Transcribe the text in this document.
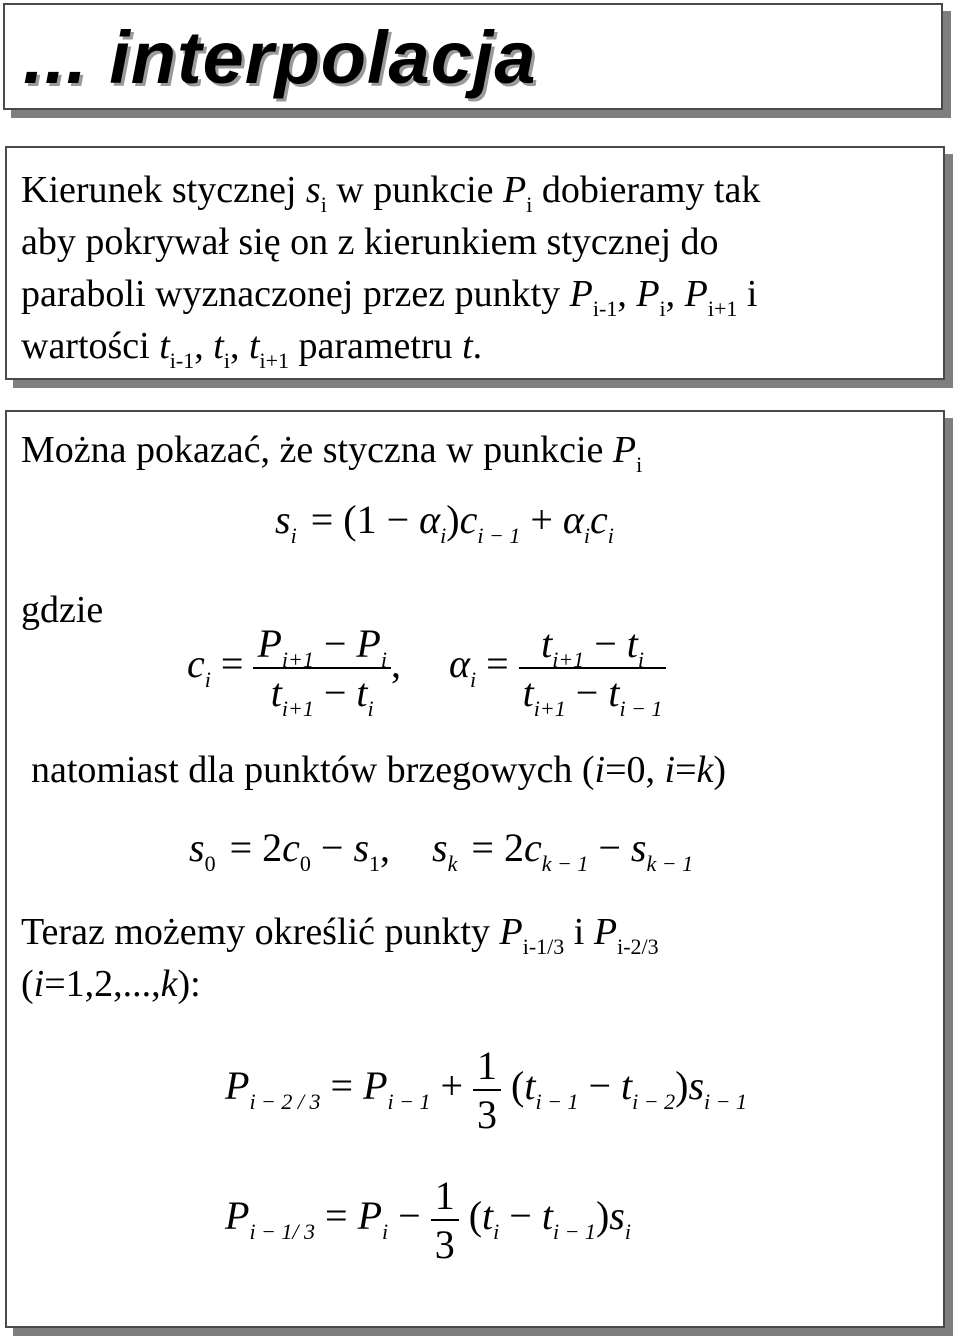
... interpolacja
Kierunek stycznej $s_i$ w punkcie $P_i$ dobieramy tak
aby pokrywał się on z kierunkiem stycznej do
paraboli wyznaczonej przez punkty $P_{i-1}$, $P_i$, $P_{i+1}$ i
wartości $t_{i-1}$, $t_i$, $t_{i+1}$ parametru t.
Można pokazać, że styczna w punkcie $P_i$
$s_i = (1 - \alpha_i)c_{i - 1} + \alpha_ic_i$
gdzie
$c_i = \frac{P_{i+1} - P_i}{t_{i+1} - t_i}$ , $\alpha_i = \frac{t_{i+1} - t_i}{t_{i+1} - t_{i - 1}}$
natomiast dla punktów brzegowych (i=0, i=k)
$s_0 = 2c_0 - s_1$, $s_k = 2c_{k - 1} - s_{k - 1}$
Teraz możemy określić punkty $P_{i-1/3}$ i $P_{i-2/3}$
(i=1,2,...,k):
$P_{i - 2 / 3} = P_{i - 1} + \frac{1}{3} (t_{i - 1} - t_{i - 2})s_{i - 1}$
$P_{i - 1/ 3} = P_i - \frac{1}{3} (t_i - t_{i - 1})s_i$
